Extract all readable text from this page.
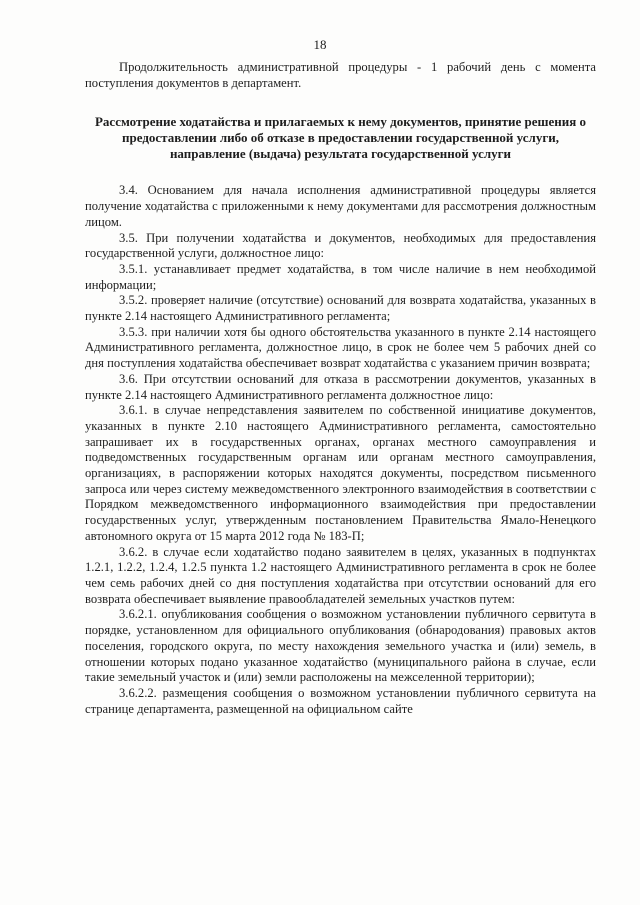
18

Продолжительность административной процедуры - 1 рабочий день с момента поступления документов в департамент.

Рассмотрение ходатайства и прилагаемых к нему документов, принятие решения о предоставлении либо об отказе в предоставлении государственной услуги, направление (выдача) результата государственной услуги

3.4. Основанием для начала исполнения административной процедуры является получение ходатайства с приложенными к нему документами для рассмотрения должностным лицом.

3.5. При получении ходатайства и документов, необходимых для предоставления государственной услуги, должностное лицо:

3.5.1. устанавливает предмет ходатайства, в том числе наличие в нем необходимой информации;

3.5.2. проверяет наличие (отсутствие) оснований для возврата ходатайства, указанных в пункте 2.14 настоящего Административного регламента;

3.5.3. при наличии хотя бы одного обстоятельства указанного в пункте 2.14 настоящего Административного регламента, должностное лицо, в срок не более чем 5 рабочих дней со дня поступления ходатайства обеспечивает возврат ходатайства с указанием причин возврата;

3.6. При отсутствии оснований для отказа в рассмотрении документов, указанных в пункте 2.14 настоящего Административного регламента должностное лицо:

3.6.1. в случае непредставления заявителем по собственной инициативе документов, указанных в пункте 2.10 настоящего Административного регламента, самостоятельно запрашивает их в государственных органах, органах местного самоуправления и подведомственных государственным органам или органам местного самоуправления, организациях, в распоряжении которых находятся документы, посредством письменного запроса или через систему межведомственного электронного взаимодействия в соответствии с Порядком межведомственного информационного взаимодействия при предоставлении государственных услуг, утвержденным постановлением Правительства Ямало-Ненецкого автономного округа от 15 марта 2012 года № 183-П;

3.6.2. в случае если ходатайство подано заявителем в целях, указанных в подпунктах 1.2.1, 1.2.2, 1.2.4, 1.2.5 пункта 1.2 настоящего Административного регламента в срок не более чем семь рабочих дней со дня поступления ходатайства при отсутствии оснований для его возврата обеспечивает выявление правообладателей земельных участков путем:

3.6.2.1. опубликования сообщения о возможном установлении публичного сервитута в порядке, установленном для официального опубликования (обнародования) правовых актов поселения, городского округа, по месту нахождения земельного участка и (или) земель, в отношении которых подано указанное ходатайство (муниципального района в случае, если такие земельный участок и (или) земли расположены на межселенной территории);

3.6.2.2. размещения сообщения о возможном установлении публичного сервитута на странице департамента, размещенной на официальном сайте
